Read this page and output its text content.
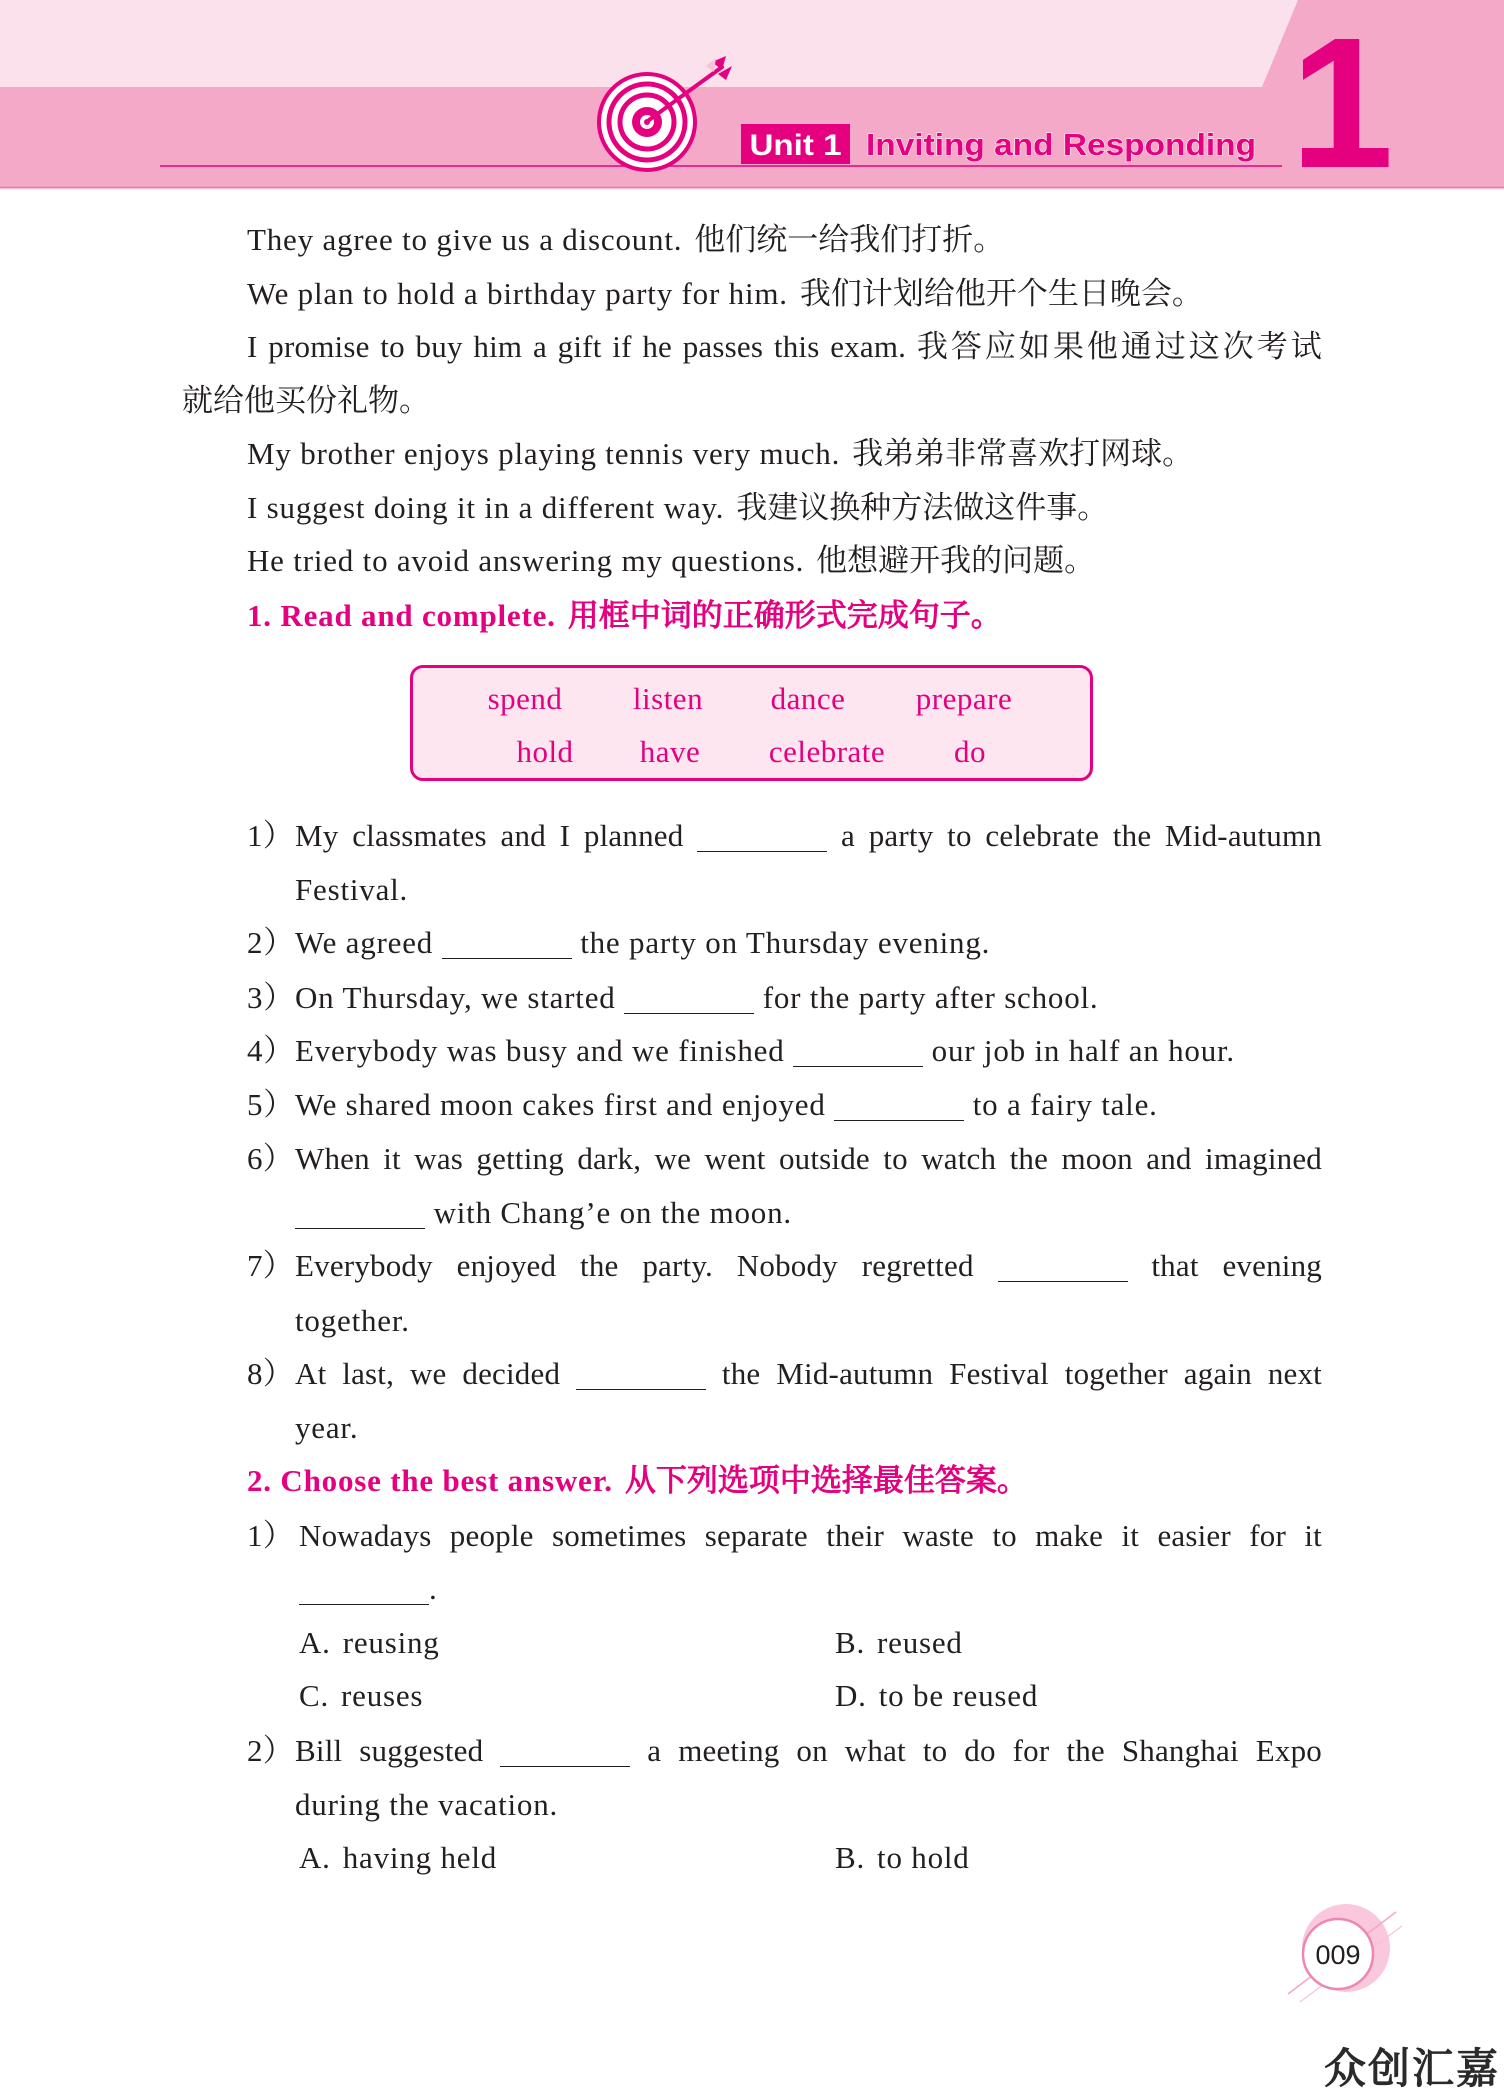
Unit 1 Inviting and Responding 1
They agree to give us a discount. 他们统一给我们打折。
We plan to hold a birthday party for him. 我们计划给他开个生日晚会。
I promise to buy him a gift if he passes this exam. 我答应如果他通过这次考试
就给他买份礼物。
My brother enjoys playing tennis very much. 我弟弟非常喜欢打网球。
I suggest doing it in a different way. 我建议换种方法做这件事。
He tried to avoid answering my questions. 他想避开我的问题。
1. Read and complete. 用框中词的正确形式完成句子。
spend	listen	dance	prepare
hold	have	celebrate	do
1） My classmates and I planned	a party to celebrate the Mid-autumn
Festival.
2） We agreed	the party on Thursday evening.
3） On Thursday, we started	for the party after school.
4） Everybody was busy and we finished	our job in half an hour.
5） We shared moon cakes first and enjoyed	to a fairy tale.
6） When it was getting dark, we went outside to watch the moon and imagined
with Chang’e on the moon.
7） Everybody enjoyed the party. Nobody regretted	that evening
together.
8） At last, we decided	the Mid-autumn Festival together again next
year.
2. Choose the best answer. 从下列选项中选择最佳答案。
1） Nowadays people sometimes separate their waste to make it easier for it
.
A. reusing	B. reused
C. reuses	D. to be reused
2） Bill suggested	a meeting on what to do for the Shanghai Expo
during the vacation.
A. having held	B. to hold
009
众创汇嘉
